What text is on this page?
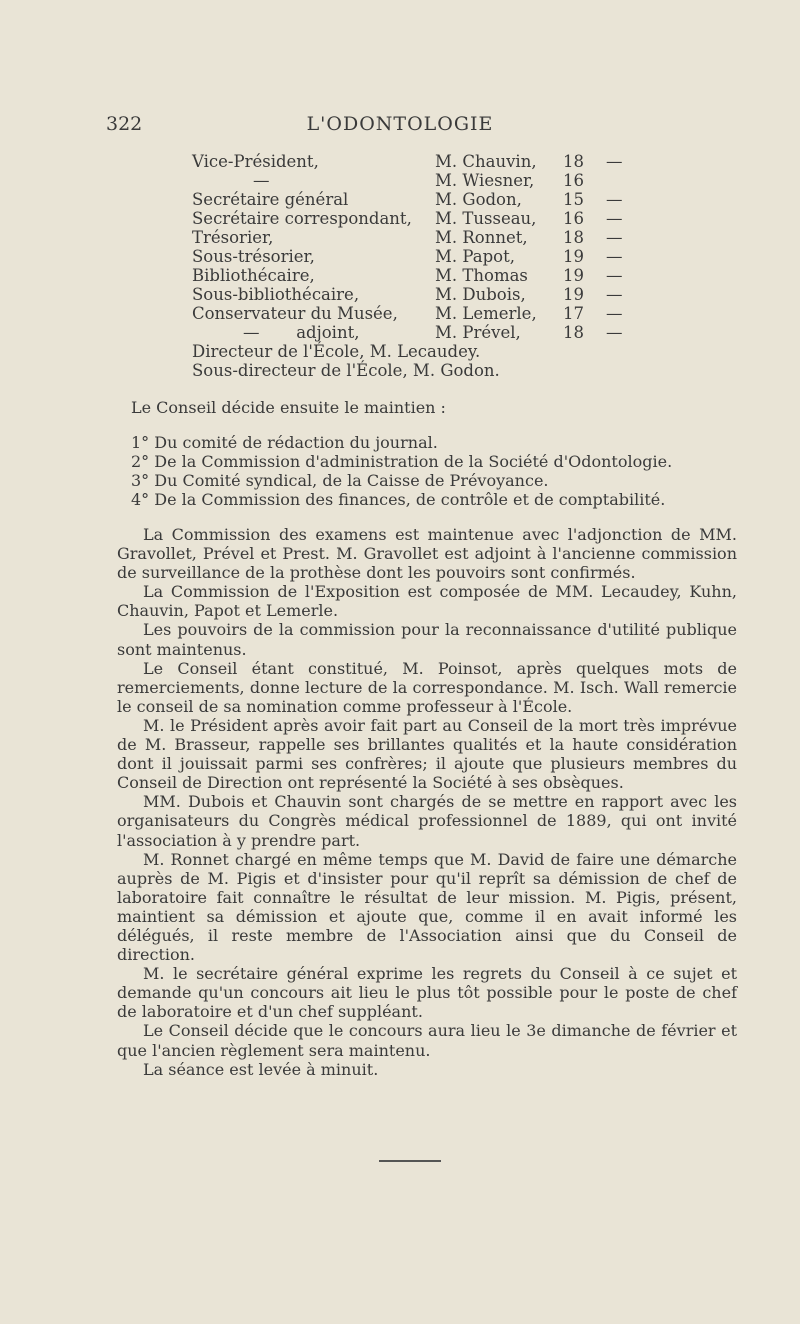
322	L'ODONTOLOGIE
Vice-Président,	M. Chauvin, 18 —
—	M. Wiesner, 16
Secrétaire général	M. Godon, 15 —
Secrétaire correspondant, M. Tusseau, 16 —
Trésorier,	M. Ronnet, 18 —
Sous-trésorier,	M. Papot,	19 —
Bibliothécaire,	M. Thomas 19 —
Sous-bibliothécaire,	M. Dubois, 19 —
Conservateur du Musée, M. Lemerle, 17 —
—       adjoint,	M. Prével,	18 —
Directeur de l'École, M. Lecaudey.
Sous-directeur de l'École, M. Godon.

Le Conseil décide ensuite le maintien :

1° Du comité de rédaction du journal.

2° De la Commission d'administration de la Société d'Odontologie.

3° Du Comité syndical, de la Caisse de Prévoyance.

4° De la Commission des finances, de contrôle et de comptabilité.

La Commission des examens est maintenue avec l'adjonction de MM. Gravollet, Prével et Prest. M. Gravollet est adjoint à l'ancienne commission de surveillance de la prothèse dont les pouvoirs sont confirmés.

La Commission de l'Exposition est composée de MM. Lecaudey, Kuhn, Chauvin, Papot et Lemerle.

Les pouvoirs de la commission pour la reconnaissance d'utilité publique sont maintenus.

Le Conseil étant constitué, M. Poinsot, après quelques mots de remerciements, donne lecture de la correspondance. M. Isch. Wall remercie le conseil de sa nomination comme professeur à l'École.

M. le Président après avoir fait part au Conseil de la mort très imprévue de M. Brasseur, rappelle ses brillantes qualités et la haute considération dont il jouissait parmi ses confrères; il ajoute que plusieurs membres du Conseil de Direction ont représenté la Société à ses obsèques.

MM. Dubois et Chauvin sont chargés de se mettre en rapport avec les organisateurs du Congrès médical professionnel de 1889, qui ont invité l'association à y prendre part.

M. Ronnet chargé en même temps que M. David de faire une démarche auprès de M. Pigis et d'insister pour qu'il reprît sa démission de chef de laboratoire fait connaître le résultat de leur mission. M. Pigis, présent, maintient sa démission et ajoute que, comme il en avait informé les délégués, il reste membre de l'Association ainsi que du Conseil de direction.

M. le secrétaire général exprime les regrets du Conseil à ce sujet et demande qu'un concours ait lieu le plus tôt possible pour le poste de chef de laboratoire et d'un chef suppléant.

Le Conseil décide que le concours aura lieu le 3e dimanche de février et que l'ancien règlement sera maintenu.

La séance est levée à minuit.
